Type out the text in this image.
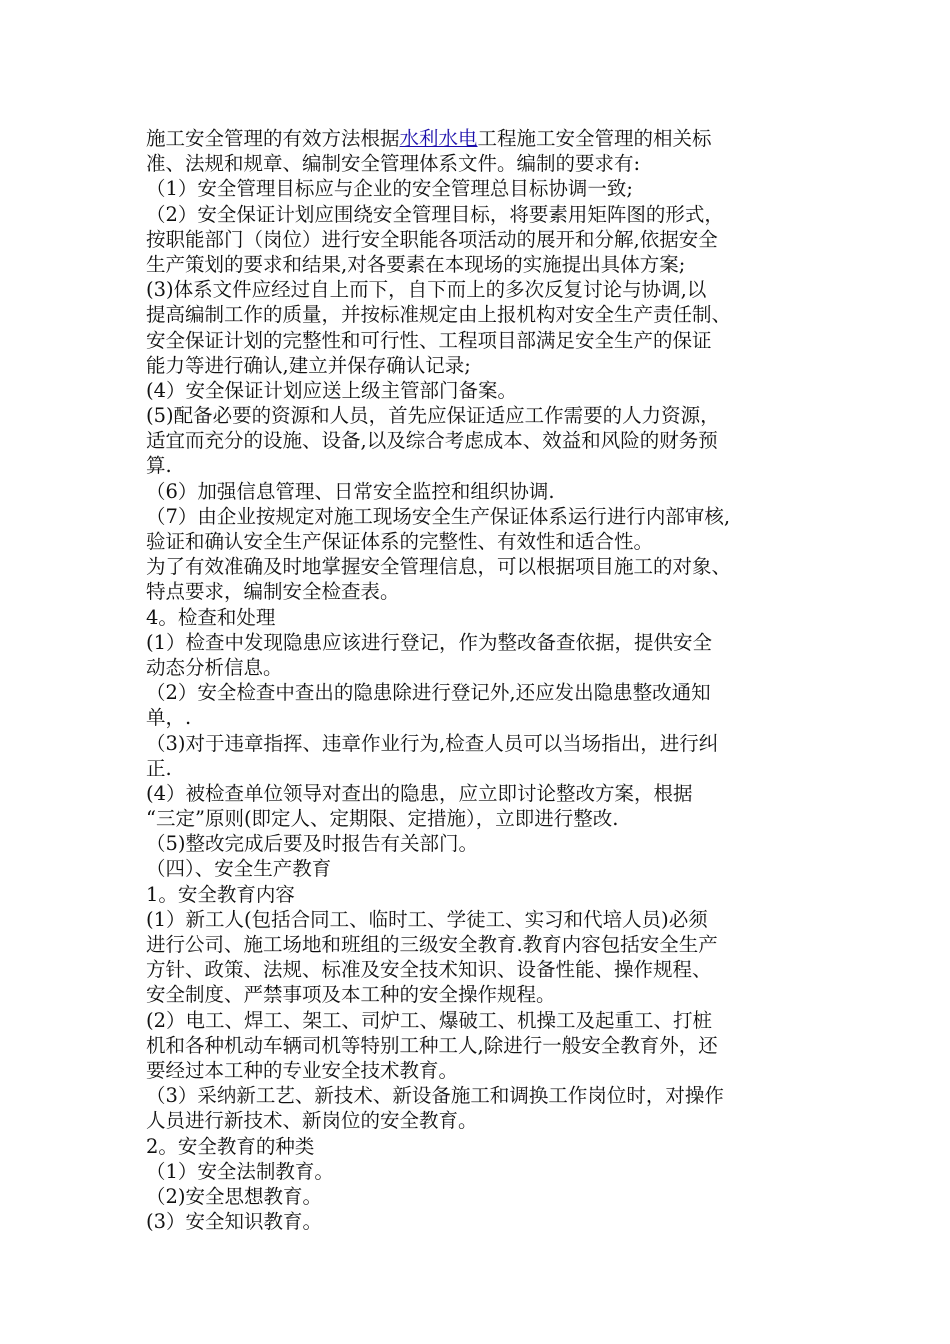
施工安全管理的有效方法根据水利水电工程施工安全管理的相关标
准、法规和规章、编制安全管理体系文件。编制的要求有:
（1）安全管理目标应与企业的安全管理总目标协调一致;
（2）安全保证计划应围绕安全管理目标，将要素用矩阵图的形式，
按职能部门（岗位）进行安全职能各项活动的展开和分解,依据安全
生产策划的要求和结果,对各要素在本现场的实施提出具体方案;
(3)体系文件应经过自上而下，自下而上的多次反复讨论与协调,以
提高编制工作的质量，并按标准规定由上报机构对安全生产责任制、
安全保证计划的完整性和可行性、工程项目部满足安全生产的保证
能力等进行确认,建立并保存确认记录;
(4）安全保证计划应送上级主管部门备案。
(5)配备必要的资源和人员，首先应保证适应工作需要的人力资源，
适宜而充分的设施、设备,以及综合考虑成本、效益和风险的财务预
算.
（6）加强信息管理、日常安全监控和组织协调.
（7）由企业按规定对施工现场安全生产保证体系运行进行内部审核,
验证和确认安全生产保证体系的完整性、有效性和适合性。
为了有效准确及时地掌握安全管理信息，可以根据项目施工的对象、
特点要求，编制安全检查表。
4。检查和处理
(1）检查中发现隐患应该进行登记，作为整改备查依据，提供安全
动态分析信息。
（2）安全检查中查出的隐患除进行登记外,还应发出隐患整改通知
单，.
（3)对于违章指挥、违章作业行为,检查人员可以当场指出，进行纠
正.
(4）被检查单位领导对查出的隐患，应立即讨论整改方案，根据
“三定”原则(即定人、定期限、定措施），立即进行整改.
（5)整改完成后要及时报告有关部门。
（四）、安全生产教育
1。安全教育内容
(1）新工人(包括合同工、临时工、学徒工、实习和代培人员)必须
进行公司、施工场地和班组的三级安全教育.教育内容包括安全生产
方针、政策、法规、标准及安全技术知识、设备性能、操作规程、
安全制度、严禁事项及本工种的安全操作规程。
(2）电工、焊工、架工、司炉工、爆破工、机操工及起重工、打桩
机和各种机动车辆司机等特别工种工人,除进行一般安全教育外，还
要经过本工种的专业安全技术教育。
（3）采纳新工艺、新技术、新设备施工和调换工作岗位时，对操作
人员进行新技术、新岗位的安全教育。
2。安全教育的种类
（1）安全法制教育。
（2)安全思想教育。
(3）安全知识教育。
